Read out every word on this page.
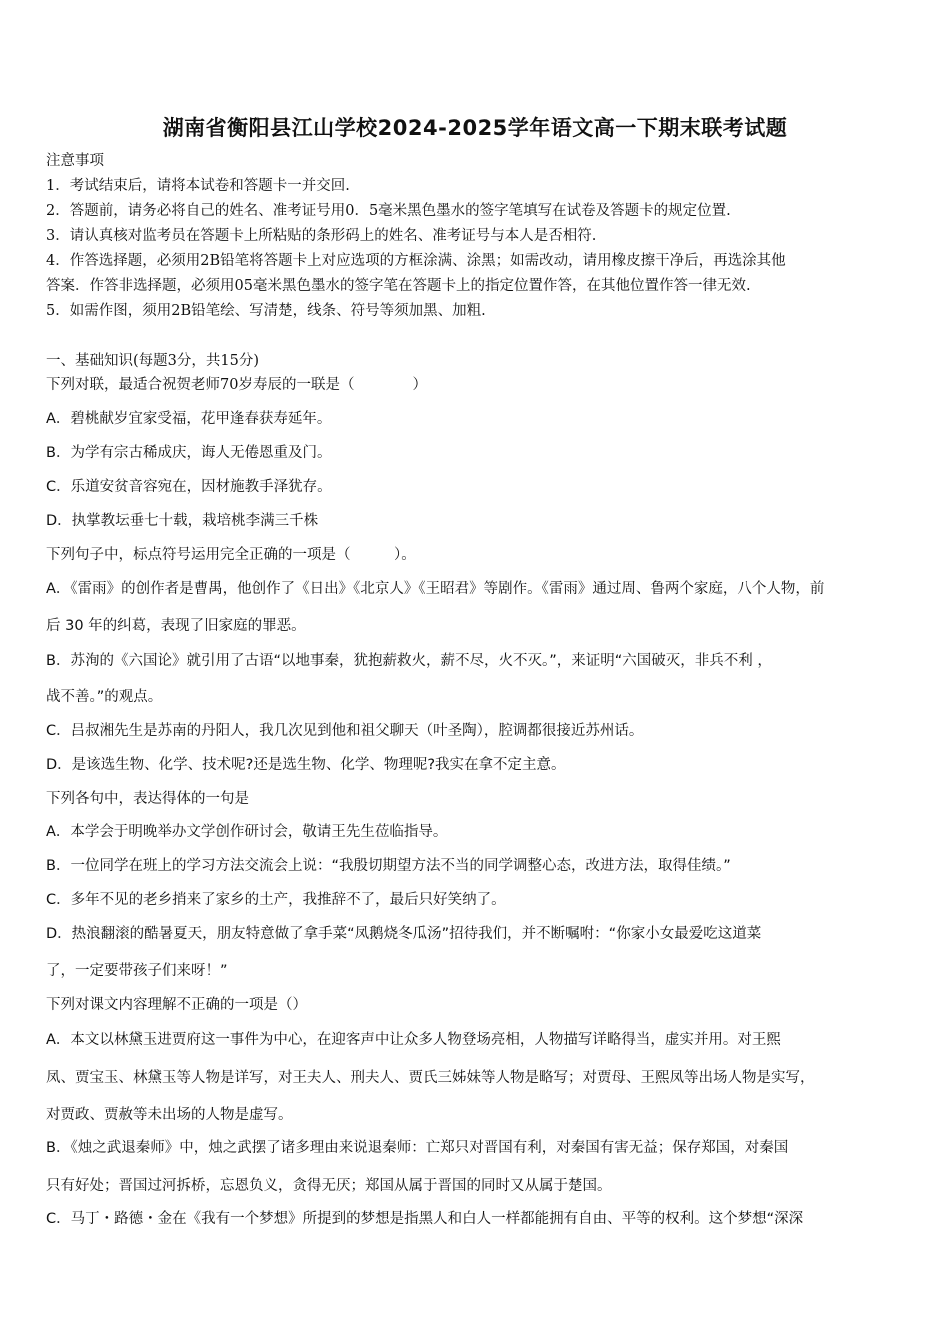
湖南省衡阳县江山学校2024-2025学年语文高一下期末联考试题
注意事项
1．考试结束后，请将本试卷和答题卡一并交回.
2．答题前，请务必将自己的姓名、准考证号用0．5毫米黑色墨水的签字笔填写在试卷及答题卡的规定位置.
3．请认真核对监考员在答题卡上所粘贴的条形码上的姓名、准考证号与本人是否相符.
4．作答选择题，必须用2B铅笔将答题卡上对应选项的方框涂满、涂黑；如需改动，请用橡皮擦干净后，再选涂其他
答案．作答非选择题，必须用05毫米黑色墨水的签字笔在答题卡上的指定位置作答，在其他位置作答一律无效.
5．如需作图，须用2B铅笔绘、写清楚，线条、符号等须加黑、加粗.
一、基础知识(每题3分，共15分)
下列对联，最适合祝贺老师70岁寿辰的一联是（　　　　）
A．碧桃献岁宜家受福，花甲逢春获寿延年。
B．为学有宗古稀成庆，诲人无倦恩重及门。
C．乐道安贫音容宛在，因材施教手泽犹存。
D．执掌教坛垂七十载，栽培桃李满三千株
下列句子中，标点符号运用完全正确的一项是（　　　）。
A．《雷雨》的创作者是曹禺，他创作了《日出》《北京人》《王昭君》等剧作。《雷雨》通过周、鲁两个家庭，八个人物，前
后 30 年的纠葛，表现了旧家庭的罪恶。
B．苏洵的《六国论》就引用了古语“以地事秦，犹抱薪救火，薪不尽，火不灭。”，来证明“六国破灭，非兵不利 ，
战不善。”的观点。
C．吕叔湘先生是苏南的丹阳人，我几次见到他和祖父聊天（叶圣陶），腔调都很接近苏州话。
D．是该选生物、化学、技术呢?还是选生物、化学、物理呢?我实在拿不定主意。
下列各句中，表达得体的一句是
A．本学会于明晚举办文学创作研讨会，敬请王先生莅临指导。
B．一位同学在班上的学习方法交流会上说：“我殷切期望方法不当的同学调整心态，改进方法，取得佳绩。”
C．多年不见的老乡捎来了家乡的土产，我推辞不了，最后只好笑纳了。
D．热浪翻滚的酷暑夏天，朋友特意做了拿手菜“凤鹅烧冬瓜汤”招待我们，并不断嘱咐：“你家小女最爱吃这道菜
了，一定要带孩子们来呀！”
下列对课文内容理解不正确的一项是（）
A．本文以林黛玉进贾府这一事件为中心，在迎客声中让众多人物登场亮相，人物描写详略得当，虚实并用。对王熙
凤、贾宝玉、林黛玉等人物是详写，对王夫人、刑夫人、贾氏三姊妹等人物是略写；对贾母、王熙凤等出场人物是实写，
对贾政、贾赦等未出场的人物是虚写。
B．《烛之武退秦师》中，烛之武摆了诸多理由来说退秦师：亡郑只对晋国有利，对秦国有害无益；保存郑国，对秦国
只有好处；晋国过河拆桥，忘恩负义，贪得无厌；郑国从属于晋国的同时又从属于楚国。
C．马丁・路德・金在《我有一个梦想》所提到的梦想是指黑人和白人一样都能拥有自由、平等的权利。这个梦想“深深
